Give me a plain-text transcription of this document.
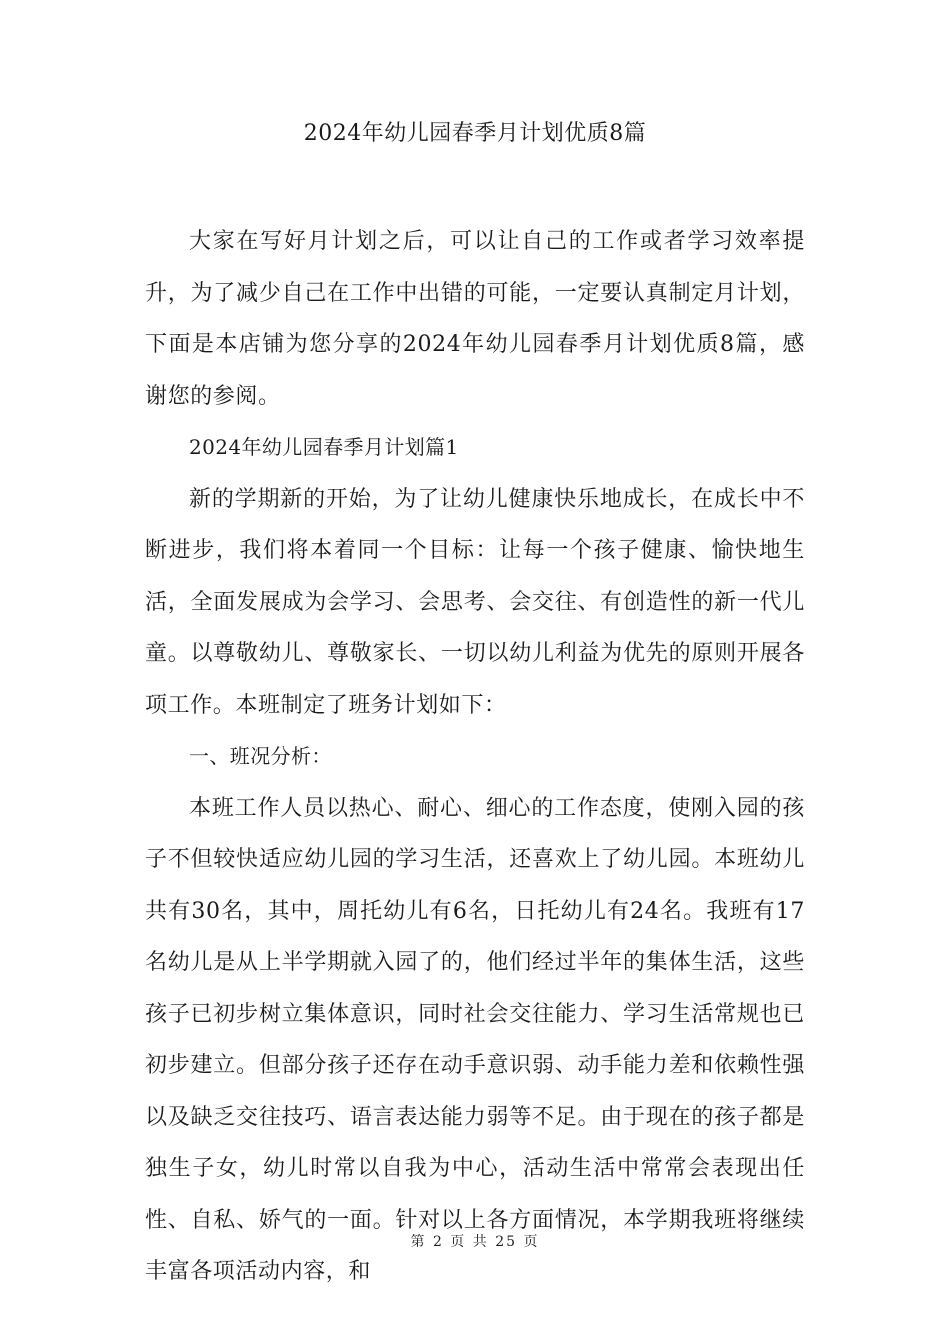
2024年幼儿园春季月计划优质8篇

大家在写好月计划之后，可以让自己的工作或者学习效率提升，为了减少自己在工作中出错的可能，一定要认真制定月计划，下面是本店铺为您分享的2024年幼儿园春季月计划优质8篇，感谢您的参阅。

2024年幼儿园春季月计划篇1

新的学期新的开始，为了让幼儿健康快乐地成长，在成长中不断进步，我们将本着同一个目标：让每一个孩子健康、愉快地生活，全面发展成为会学习、会思考、会交往、有创造性的新一代儿童。以尊敬幼儿、尊敬家长、一切以幼儿利益为优先的原则开展各项工作。本班制定了班务计划如下：

一、班况分析：

本班工作人员以热心、耐心、细心的工作态度，使刚入园的孩子不但较快适应幼儿园的学习生活，还喜欢上了幼儿园。本班幼儿共有30名，其中，周托幼儿有6名，日托幼儿有24名。我班有17名幼儿是从上半学期就入园了的，他们经过半年的集体生活，这些孩子已初步树立集体意识，同时社会交往能力、学习生活常规也已初步建立。但部分孩子还存在动手意识弱、动手能力差和依赖性强以及缺乏交往技巧、语言表达能力弱等不足。由于现在的孩子都是独生子女，幼儿时常以自我为中心，活动生活中常常会表现出任性、自私、娇气的一面。针对以上各方面情况，本学期我班将继续丰富各项活动内容，和

第 2 页 共 25 页
